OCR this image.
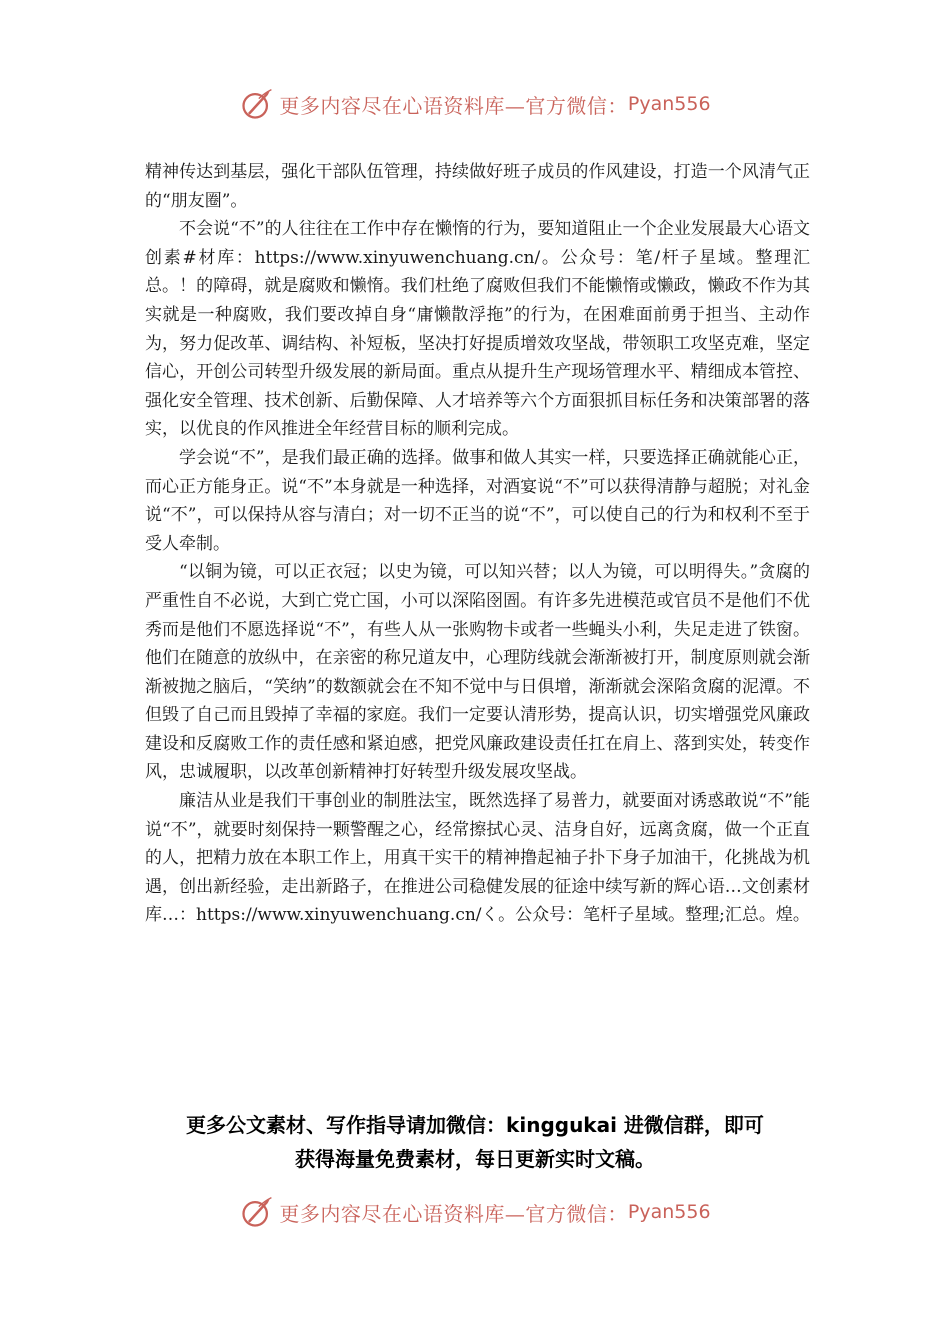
更多内容尽在心语资料库—官方微信： Pyan556

精神传达到基层，强化干部队伍管理，持续做好班子成员的作风建设，打造一个风清气正的“朋友圈”。

不会说“不”的人往往在工作中存在懒惰的行为，要知道阻止一个企业发展最大心语文创素#材库：https://www.xinyuwenchuang.cn/。公众号：笔/杆子星域。整理汇总。！的障碍，就是腐败和懒惰。我们杜绝了腐败但我们不能懒惰或懒政，懒政不作为其实就是一种腐败，我们要改掉自身“庸懒散浮拖”的行为，在困难面前勇于担当、主动作为，努力促改革、调结构、补短板，坚决打好提质增效攻坚战，带领职工攻坚克难，坚定信心，开创公司转型升级发展的新局面。重点从提升生产现场管理水平、精细成本管控、强化安全管理、技术创新、后勤保障、人才培养等六个方面狠抓目标任务和决策部署的落实，以优良的作风推进全年经营目标的顺利完成。

学会说“不”，是我们最正确的选择。做事和做人其实一样，只要选择正确就能心正，而心正方能身正。说“不”本身就是一种选择，对酒宴说“不”可以获得清静与超脱；对礼金说“不”，可以保持从容与清白；对一切不正当的说“不”，可以使自己的行为和权利不至于受人牵制。

“以铜为镜，可以正衣冠；以史为镜，可以知兴替；以人为镜，可以明得失。”贪腐的严重性自不必说，大到亡党亡国，小可以深陷囹圄。有许多先进模范或官员不是他们不优秀而是他们不愿选择说“不”，有些人从一张购物卡或者一些蝇头小利，失足走进了铁窗。他们在随意的放纵中，在亲密的称兄道友中，心理防线就会渐渐被打开，制度原则就会渐渐被抛之脑后，“笑纳”的数额就会在不知不觉中与日俱增，渐渐就会深陷贪腐的泥潭。不但毁了自己而且毁掉了幸福的家庭。我们一定要认清形势，提高认识，切实增强党风廉政建设和反腐败工作的责任感和紧迫感，把党风廉政建设责任扛在肩上、落到实处，转变作风，忠诚履职，以改革创新精神打好转型升级发展攻坚战。

廉洁从业是我们干事创业的制胜法宝，既然选择了易普力，就要面对诱惑敢说“不”能说“不”，就要时刻保持一颗警醒之心，经常擦拭心灵、洁身自好，远离贪腐，做一个正直的人，把精力放在本职工作上，用真干实干的精神撸起袖子扑下身子加油干，化挑战为机遇，创出新经验，走出新路子，在推进公司稳健发展的征途中续写新的辉心语…文创素材库…：https://www.xinyuwenchuang.cn/く。公众号：笔杆子星域。整理;汇总。煌。

更多公文素材、写作指导请加微信：kinggukai 进微信群，即可
获得海量免费素材，每日更新实时文稿。
更多内容尽在心语资料库—官方微信： Pyan556
